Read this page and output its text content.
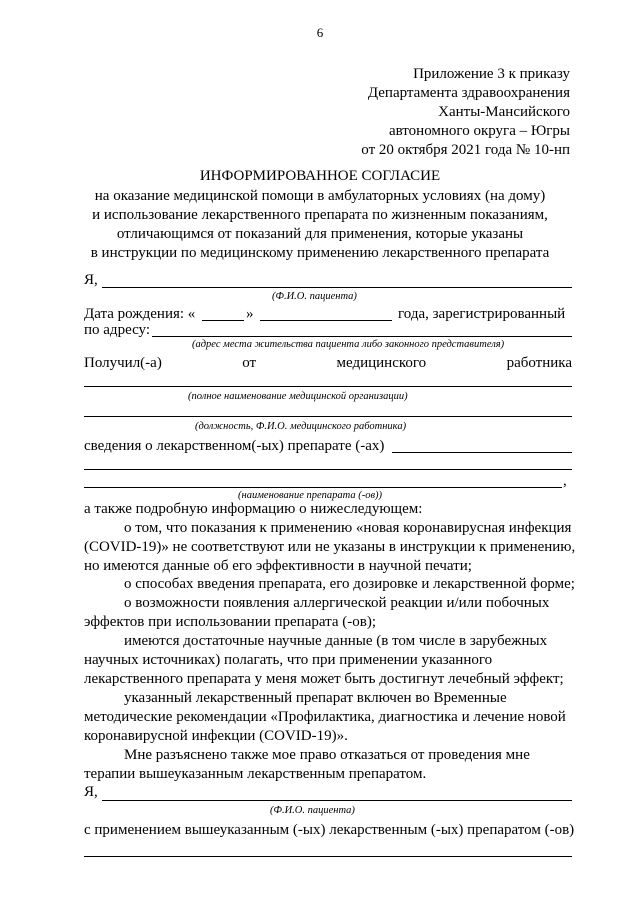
6
Приложение 3 к приказу
Департамента здравоохранения
Ханты-Мансийского
автономного округа – Югры
от 20 октября 2021 года № 10-нп
ИНФОРМИРОВАННОЕ СОГЛАСИЕ
на оказание медицинской помощи в амбулаторных условиях (на дому)
и использование лекарственного препарата по жизненным показаниям,
отличающимся от показаний для применения, которые указаны
в инструкции по медицинскому применению лекарственного препарата
Я,
(Ф.И.О. пациента)
Дата рождения: «	»	года, зарегистрированный
по адресу:
(адрес места жительства пациента либо законного представителя)
Получил(-а)	от	медицинского	работника
(полное наименование медицинской организации)
(должность, Ф.И.О. медицинского работника)
сведения о лекарственном(-ых) препарате (-ах)
,
(наименование препарата (-ов))
а также подробную информацию о нижеследующем:
о том, что показания к применению «новая коронавирусная инфекция
(COVID-19)» не соответствуют или не указаны в инструкции к применению,
но имеются данные об его эффективности в научной печати;
о способах введения препарата, его дозировке и лекарственной форме;
о возможности появления аллергической реакции и/или побочных
эффектов при использовании препарата (-ов);
имеются достаточные научные данные (в том числе в зарубежных
научных источниках) полагать, что при применении указанного
лекарственного препарата у меня может быть достигнут лечебный эффект;
указанный лекарственный препарат включен во Временные
методические рекомендации «Профилактика, диагностика и лечение новой
коронавирусной инфекции (COVID-19)».
Мне разъяснено также мое право отказаться от проведения мне
терапии вышеуказанным лекарственным препаратом.
Я,
(Ф.И.О. пациента)
с применением вышеуказанным (-ых) лекарственным (-ых) препаратом (-ов)
